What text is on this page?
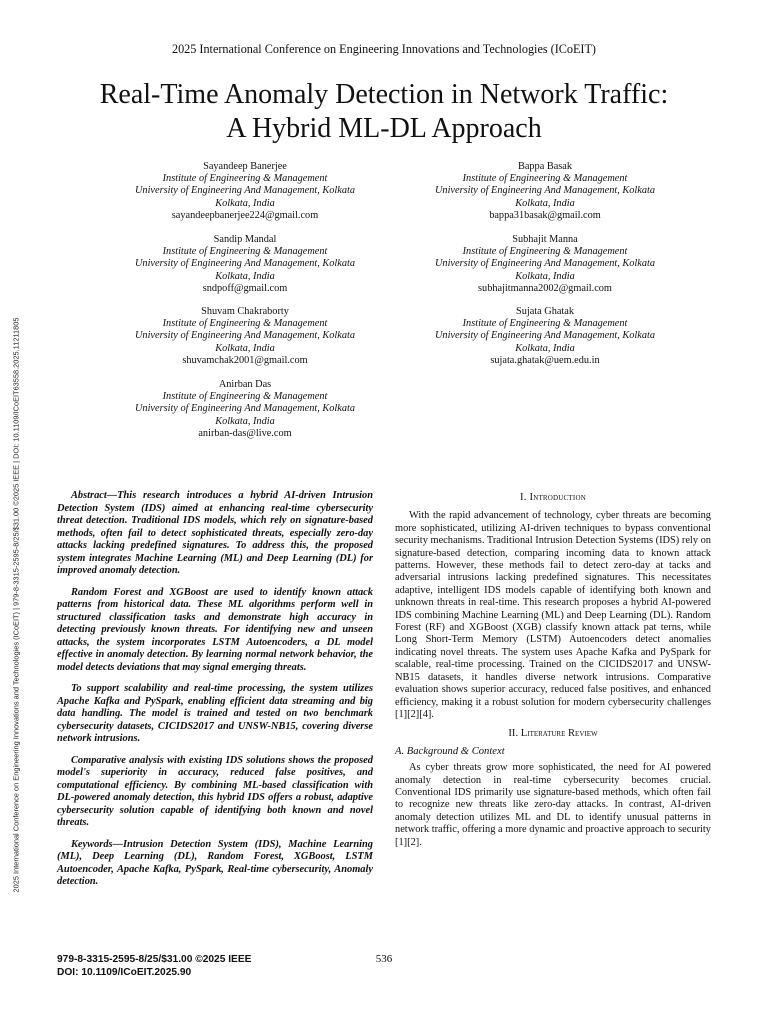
2025 International Conference on Engineering Innovations and Technologies (ICoEIT)
Real-Time Anomaly Detection in Network Traffic:
A Hybrid ML-DL Approach
2025 International Conference on Engineering Innovations and Technologies (ICoEIT) | 979-8-3315-2595-8/25/$31.00 ©2025 IEEE | DOI: 10.1109/ICoEIT63558.2025.11211805
Sayandeep Banerjee
Institute of Engineering & Management
University of Engineering And Management, Kolkata
Kolkata, India
sayandeepbanerjee224@gmail.com
Bappa Basak
Institute of Engineering & Management
University of Engineering And Management, Kolkata
Kolkata, India
bappa31basak@gmail.com
Sandip Mandal
Institute of Engineering & Management
University of Engineering And Management, Kolkata
Kolkata, India
sndpoff@gmail.com
Subhajit Manna
Institute of Engineering & Management
University of Engineering And Management, Kolkata
Kolkata, India
subhajitmanna2002@gmail.com
Shuvam Chakraborty
Institute of Engineering & Management
University of Engineering And Management, Kolkata
Kolkata, India
shuvamchak2001@gmail.com
Sujata Ghatak
Institute of Engineering & Management
University of Engineering And Management, Kolkata
Kolkata, India
sujata.ghatak@uem.edu.in
Anirban Das
Institute of Engineering & Management
University of Engineering And Management, Kolkata
Kolkata, India
anirban-das@live.com

Abstract—This research introduces a hybrid AI-driven Intrusion Detection System (IDS) aimed at enhancing real-time cybersecurity threat detection. Traditional IDS models, which rely on signature-based methods, often fail to detect sophisticated threats, especially zero-day attacks lacking predefined signatures. To address this, the proposed system integrates Machine Learning (ML) and Deep Learning (DL) for improved anomaly detection.

Random Forest and XGBoost are used to identify known attack patterns from historical data. These ML algorithms perform well in structured classification tasks and demonstrate high accuracy in detecting previously known threats. For identifying new and unseen attacks, the system incorporates LSTM Autoencoders, a DL model effective in anomaly detection. By learning normal network behavior, the model detects deviations that may signal emerging threats.

To support scalability and real-time processing, the system utilizes Apache Kafka and PySpark, enabling efficient data streaming and big data handling. The model is trained and tested on two benchmark cybersecurity datasets, CICIDS2017 and UNSW-NB15, covering diverse network intrusions.

Comparative analysis with existing IDS solutions shows the proposed model's superiority in accuracy, reduced false positives, and computational efficiency. By combining ML-based classification with DL-powered anomaly detection, this hybrid IDS offers a robust, adaptive cybersecurity solution capable of identifying both known and novel threats.

Keywords—Intrusion Detection System (IDS), Machine Learning (ML), Deep Learning (DL), Random Forest, XGBoost, LSTM Autoencoder, Apache Kafka, PySpark, Real-time cybersecurity, Anomaly detection.

I. Introduction

With the rapid advancement of technology, cyber threats are becoming more sophisticated, utilizing AI-driven techniques to bypass conventional security mechanisms. Traditional Intrusion Detection Systems (IDS) rely on signature-based detection, comparing incoming data to known attack patterns. However, these methods fail to detect zero-day at tacks and adversarial intrusions lacking predefined signatures. This necessitates adaptive, intelligent IDS models capable of identifying both known and unknown threats in real-time. This research proposes a hybrid AI-powered IDS combining Machine Learning (ML) and Deep Learning (DL). Random Forest (RF) and XGBoost (XGB) classify known attack pat terns, while Long Short-Term Memory (LSTM) Autoencoders detect anomalies indicating novel threats. The system uses Apache Kafka and PySpark for scalable, real-time processing. Trained on the CICIDS2017 and UNSW-NB15 datasets, it handles diverse network intrusions. Comparative evaluation shows superior accuracy, reduced false positives, and enhanced efficiency, making it a robust solution for modern cybersecurity challenges [1][2][4].

II. Literature Review
A. Background & Context

As cyber threats grow more sophisticated, the need for AI powered anomaly detection in real-time cybersecurity becomes crucial. Conventional IDS primarily use signature-based methods, which often fail to recognize new threats like zero-day attacks. In contrast, AI-driven anomaly detection utilizes ML and DL to identify unusual patterns in network traffic, offering a more dynamic and proactive approach to security [1][2].

979-8-3315-2595-8/25/$31.00 ©2025 IEEE
DOI: 10.1109/ICoEIT.2025.90
536
